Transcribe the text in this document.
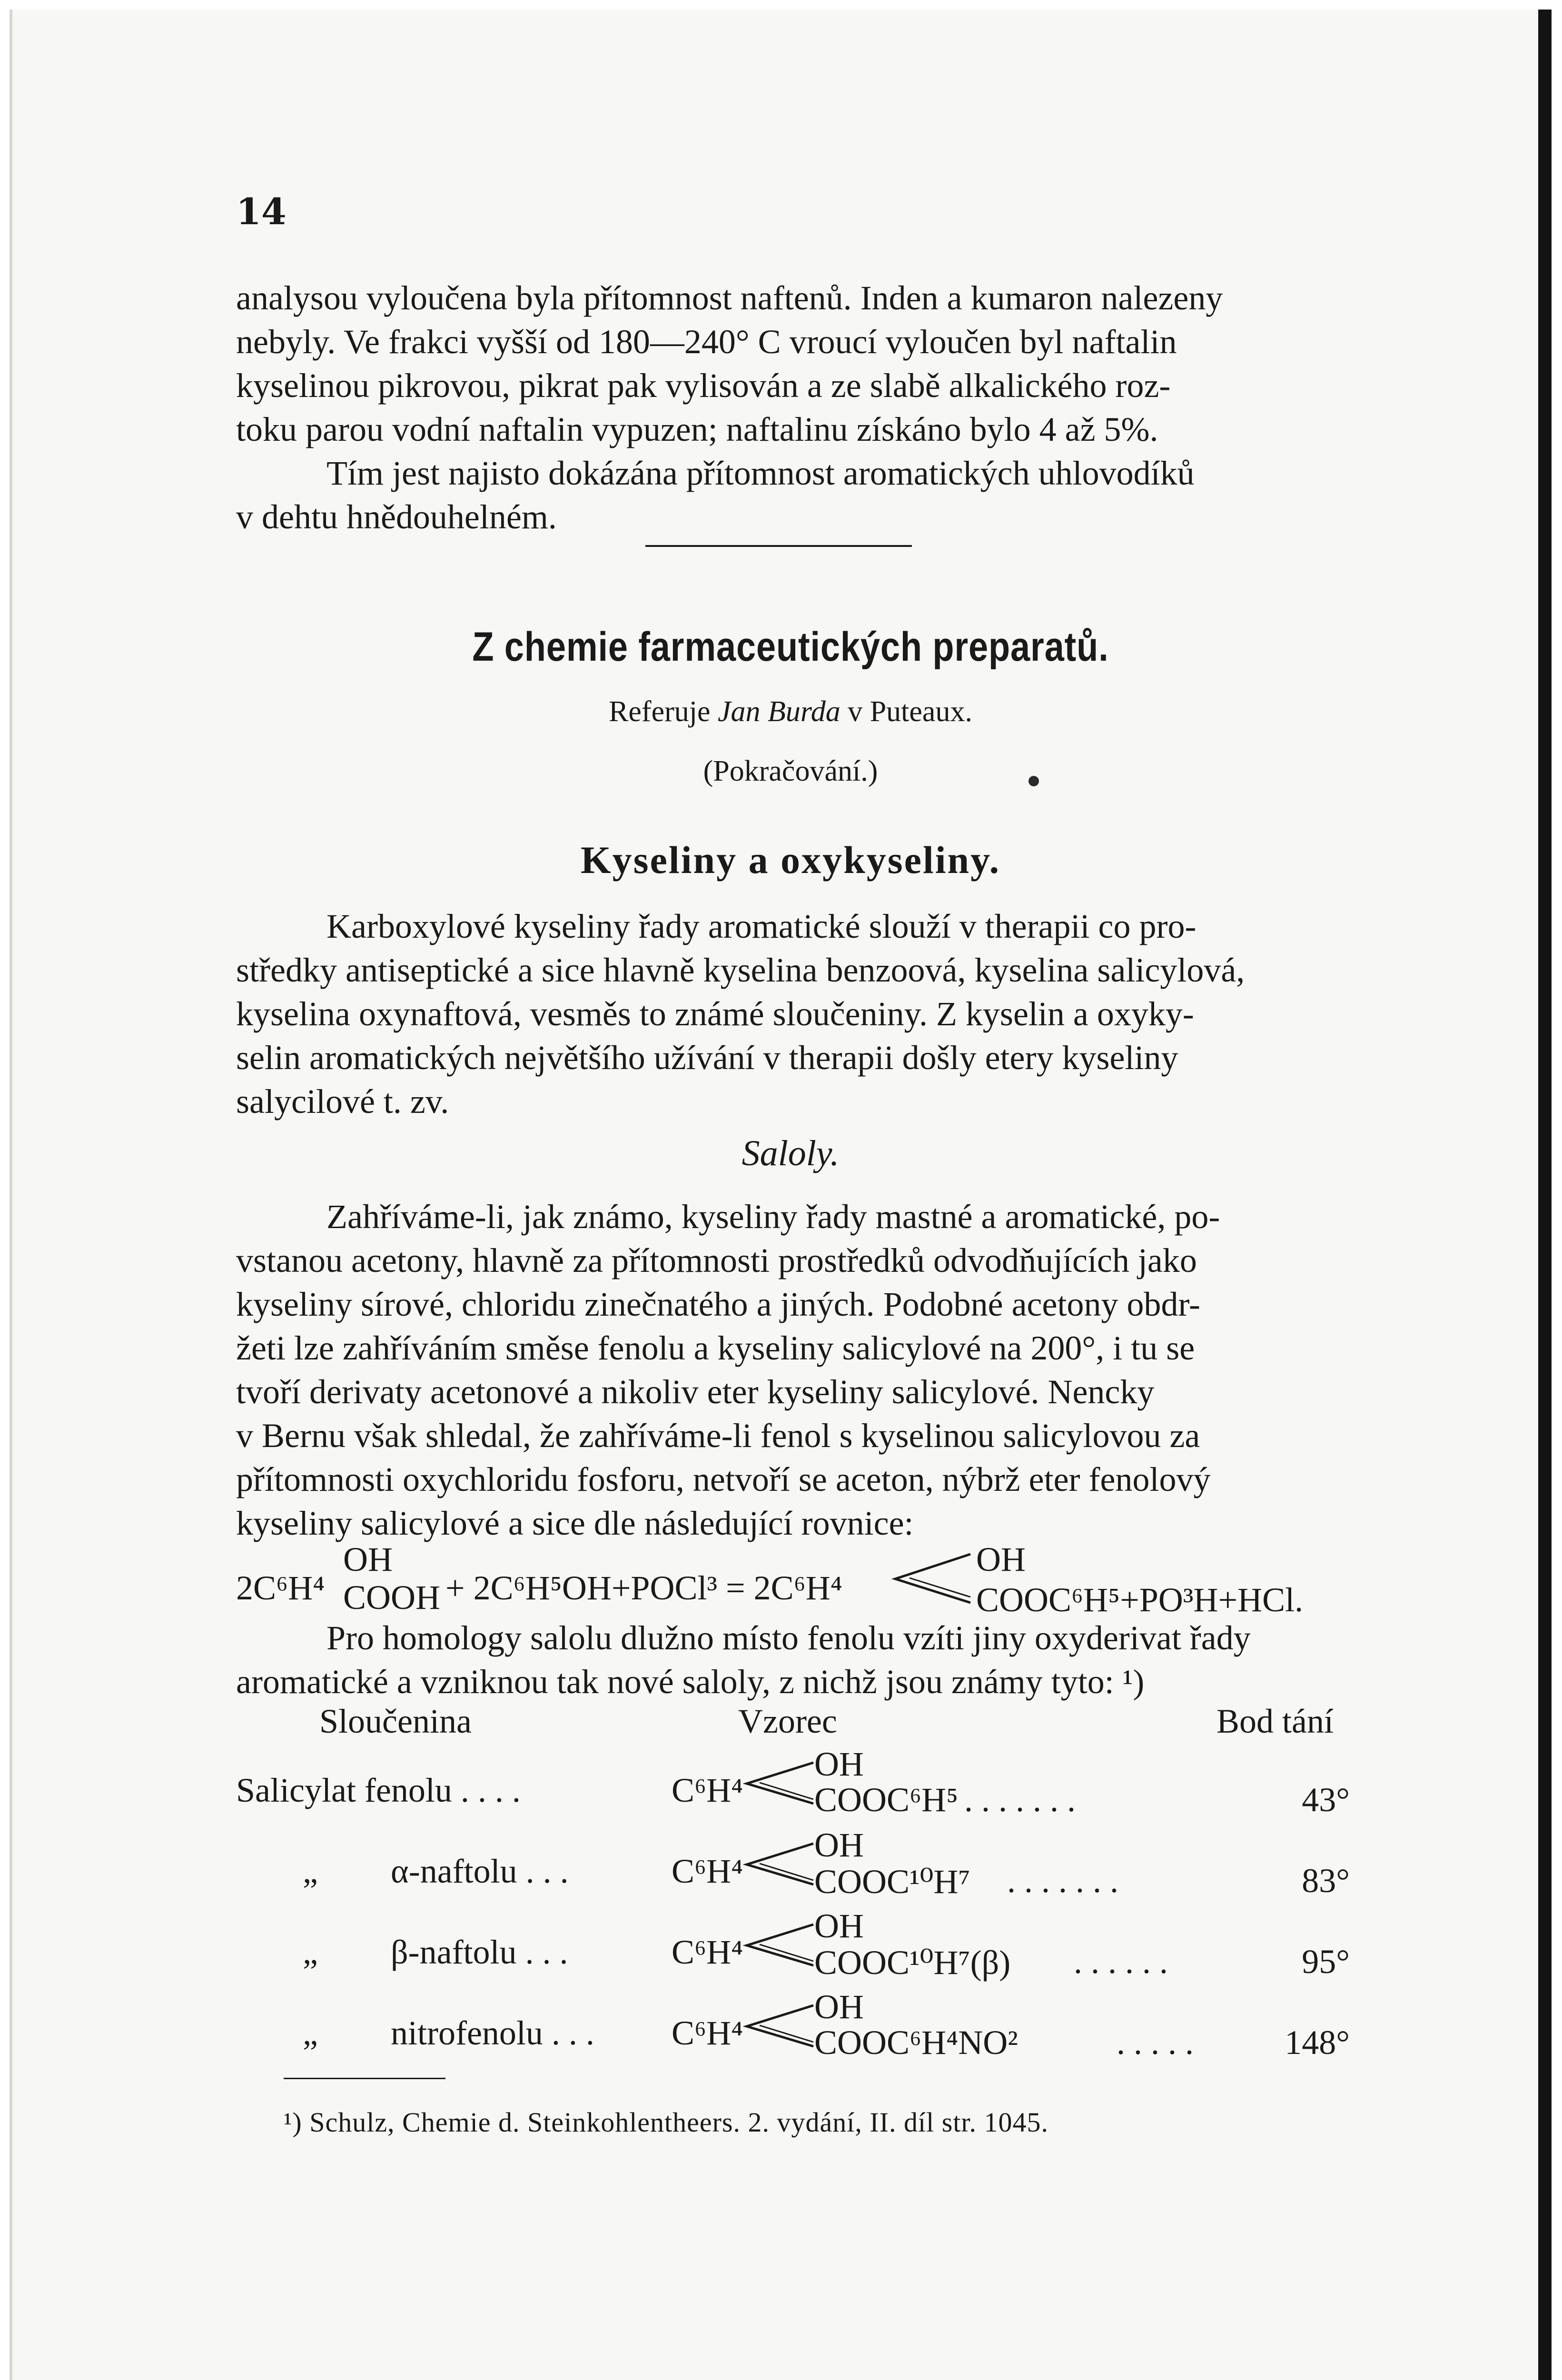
14

analysou vyloučena byla přítomnost naftenů. Inden a kumaron nalezeny

nebyly. Ve frakci vyšší od 180—240° C vroucí vyloučen byl naftalin

kyselinou pikrovou, pikrat pak vylisován a ze slabě alkalického roz-

toku parou vodní naftalin vypuzen; naftalinu získáno bylo 4 až 5%.

Tím jest najisto dokázána přítomnost aromatických uhlovodíků

v dehtu hnědouhelném.

Z chemie farmaceutických preparatů.
Referuje Jan Burda v Puteaux.
(Pokračování.)
Kyseliny a oxykyseliny.

Karboxylové kyseliny řady aromatické slouží v therapii co pro-

středky antiseptické a sice hlavně kyselina benzoová, kyselina salicylová,

kyselina oxynaftová, vesměs to známé sloučeniny. Z kyselin a oxyky-

selin aromatických největšího užívání v therapii došly etery kyseliny

salycilové t. zv.

Saloly.

Zahříváme-li, jak známo, kyseliny řady mastné a aromatické, po-

vstanou acetony, hlavně za přítomnosti prostředků odvodňujících jako

kyseliny sírové, chloridu zinečnatého a jiných. Podobné acetony obdr-

žeti lze zahříváním směse fenolu a kyseliny salicylové na 200°, i tu se

tvoří derivaty acetonové a nikoliv eter kyseliny salicylové. Nencky

v Bernu však shledal, že zahříváme-li fenol s kyselinou salicylovou za

přítomnosti oxychloridu fosforu, netvoří se aceton, nýbrž eter fenolový

kyseliny salicylové a sice dle následující rovnice:

2C⁶H⁴
OH
COOH + 2C⁶H⁵OH+POCl³ = 2C⁶H⁴
OH
COOC⁶H⁵+PO³H+HCl.

Pro homology salolu dlužno místo fenolu vzíti jiny oxyderivat řady

aromatické a vzniknou tak nové saloly, z nichž jsou známy tyto: ¹)

Sloučenina	Vzorec	Bod tání
Salicylat fenolu . . . .	C⁶H⁴
OH
COOC⁶H⁵ . . . . . . .	43°
„ α-naftolu . . .	C⁶H⁴
OH
COOC¹⁰H⁷ . . . . . . .	83°
„ β-naftolu . . .	C⁶H⁴
OH
COOC¹⁰H⁷(β) . . . . . .	95°
„ nitrofenolu . . . C⁶H⁴
OH
COOC⁶H⁴NO²	. . . . .	148°
¹) Schulz, Chemie d. Steinkohlentheers. 2. vydání, II. díl str. 1045.
